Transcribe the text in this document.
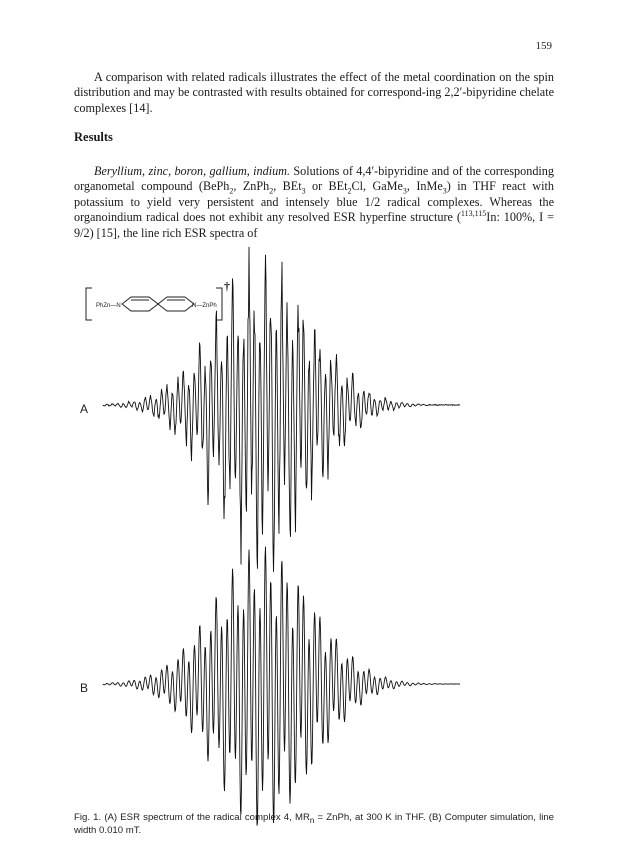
159

A comparison with related radicals illustrates the effect of the metal coordination on the spin distribution and may be contrasted with results obtained for correspond-ing 2,2′-bipyridine chelate complexes [14].

Results

Beryllium, zinc, boron, gallium, indium. Solutions of 4,4′-bipyridine and of the corresponding organometal compound (BePh$_2$, ZnPh$_2$, BEt$_3$ or BEt$_2$Cl, GaMe$_3$, InMe$_3$) in THF react with potassium to yield very persistent and intensely blue 1/2 radical complexes. Whereas the organoindium radical does not exhibit any resolved ESR hyperfine structure ($^{113,115}$In: 100%, I = 9/2) [15], the line rich ESR spectra of

PhZn—N	N—ZnPh
†
A
B
Fig. 1. (A) ESR spectrum of the radical complex 4, $MR_n$ = ZnPh, at 300 K in THF. (B) Computer simulation, line width 0.010 mT.
